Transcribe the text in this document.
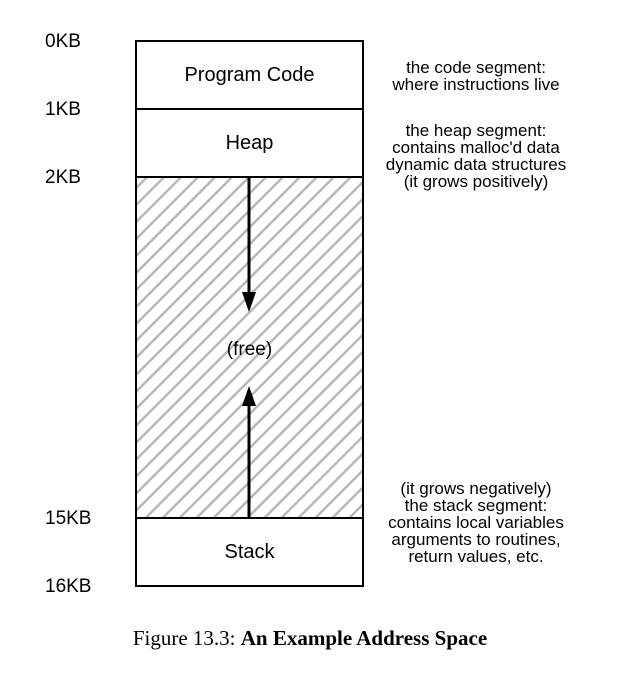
0KB
1KB
2KB
15KB
16KB
Program Code
Heap
(free)
Stack
the code segment:
where instructions live
the heap segment:
contains malloc'd data
dynamic data structures
(it grows positively)
(it grows negatively)
the stack segment:
contains local variables
arguments to routines,
return values, etc.
Figure 13.3: An Example Address Space
